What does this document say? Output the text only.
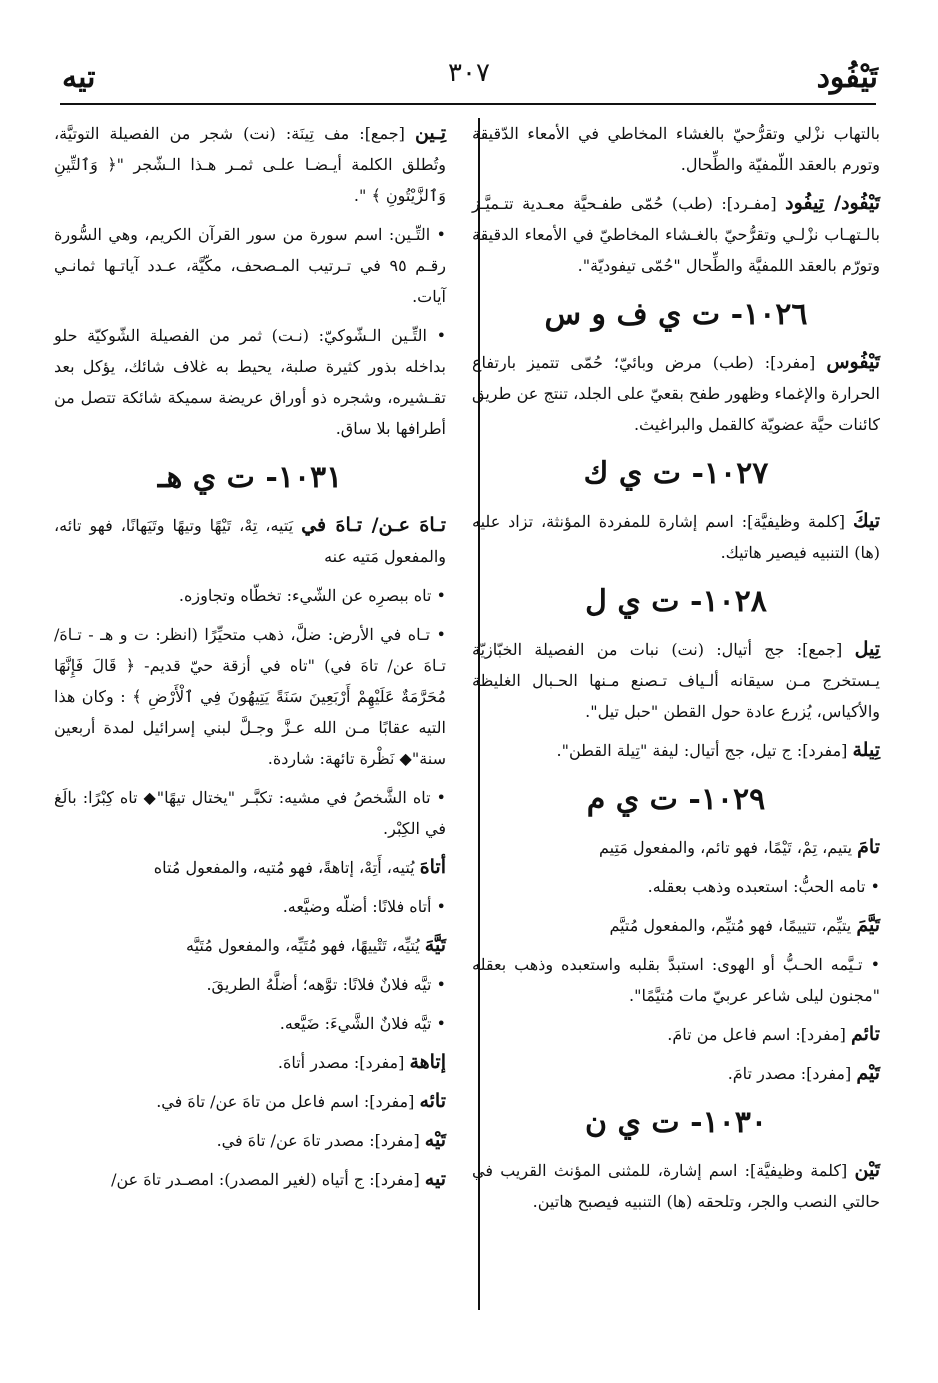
تَيْفُود
٣٠٧
تيه

بالتهاب نزْلي وتقرُّحيّ بالغشاء المخاطي في الأمعاء الدّقيقة وتورم بالعقد اللّمفيّة والطِّحال.

تَيْفُود/ تِيفُود [مفـرد]: (طب) حُمّى طفـحيَّة معـدية تتـميَّـز بالـتهـاب نزْلـي وتقرُّحيّ بالغـشاء المخاطيّ في الأمعاء الدقيقة وتورّم بالعقد اللمفيَّة والطِّحال "حُمّى تيفوديّة".

١٠٢٦- ت ي ف و س

تَيْفُوس [مفرد]: (طب) مرض وبائيّ؛ حُمّى تتميز بارتفاع الحرارة والإغماء وظهور طفح بقعيّ على الجلد، تنتج عن طريق كائنات حيَّة عضويّة كالقمل والبراغيث.

١٠٢٧- ت ي ك

تيكَ [كلمة وظيفيَّة]: اسم إشارة للمفردة المؤنثة، تزاد عليه (ها) التنبيه فيصير هاتيك.

١٠٢٨- ت ي ل

تِيل [جمع]: جج أتيال: (نت) نبات من الفصيلة الخبّازيّة يـستخرج مـن سيقانه ألـياف تـصنع مـنها الحـبال الغليظة والأكياس، يُزرع عادة حول القطن "حبل تيل".

تِيلة [مفرد]: ج تيل، جج أتيال: ليفة "تِيلة القطن".

١٠٢٩- ت ي م

تامَ يتيم، تِمْ، تَيْمًا، فهو تائم، والمفعول مَتِيم

• تامه الحبُّ: استعبده وذهب بعقله.

تَيَّمَ يتيِّم، تتييمًا، فهو مُتيِّم، والمفعول مُتيَّم

• تـيَّمه الحـبُّ أو الهوى: استبدَّ بقلبه واستعبده وذهب بعقله "مجنون ليلى شاعر عربيّ مات مُتيَّمًا".

تائم [مفرد]: اسم فاعل من تامَ.

تَيْم [مفرد]: مصدر تامَ.

١٠٣٠- ت ي ن

تَيْن [كلمة وظيفيَّة]: اسم إشارة، للمثنى المؤنث القريب في حالتي النصب والجر، وتلحقه (ها) التنبيه فيصبح هاتين.

تِـين [جمع]: مف تِينَة: (نت) شجر من الفصيلة التوتيَّة، وتُطلق الكلمة أيـضـا علـى ثمـر هـذا الـشّجر "﴿ وَٱلتِّينِ وَٱلزَّيْتُونِ ﴾ ".

• التِّـين: اسم سورة من سور القرآن الكريم، وهي السُّورة رقـم ٩٥ في تـرتيب المـصحف، مكّيَّة، عـدد آياتـها ثمانـي آيات.

• التِّـين الـشّوكيّ: (نـت) ثمر من الفصيلة الشّوكيّة حلو بداخله بذور كثيرة صلبة، يحيط به غلاف شائك، يؤكل بعد تقـشيره، وشجره ذو أوراق عريضة سميكة شائكة تتصل من أطرافها بلا ساق.

١٠٣١- ت ي هـ

تـاهَ عـن/ تـاهَ في يَتيه، تِهْ، تَيْهًا وتيهًا وتَيَهانًا، فهو تائه، والمفعول مَتيه عنه

• تاه ببصرِه عن الشّيء: تخطّاه وتجاوزه.

• تـاه في الأرض: ضلَّ، ذهب متحيِّرًا (انظر: ت و هـ - تـاهَ/ تـاهَ عن/ تاهَ في) "تاه في أزقة حيّ قديم- ﴿ قَالَ فَإِنَّهَا مُحَرَّمَةٌ عَلَيْهِمْ أَرْبَعِينَ سَنَةً يَتِيهُونَ فِي ٱلْأَرْضِ ﴾ : وكان هذا التيه عقابًا مـن الله عـزَّ وجـلَّ لبني إسرائيل لمدة أربعين سنة"◆ نَظْرة تائهة: شاردة.

• تاه الشَّخصُ في مشيه: تكبَّـر "يختال تيهًا"◆ تاه كِبْرًا: بالَغ في الكِبْر.

أتاهَ يُتيه، أَتِهْ، إتاهةً، فهو مُتيه، والمفعول مُتاه

• أتاه فلانًا: أضلّه وضيَّعه.

تَيَّهَ يُتيِّه، تَتْييهًا، فهو مُتَيِّه، والمفعول مُتَيَّه

• تيَّه فلانٌ فلانًا: توَّهه؛ أضلَّهُ الطريقَ.

• تيَّه فلانٌ الشَّيءَ: ضَيَّعه.

إتاهة [مفرد]: مصدر أتاهَ.

تائه [مفرد]: اسم فاعل من تاهَ عن/ تاهَ في.

تَيْه [مفرد]: مصدر تاهَ عن/ تاهَ في.

تيه [مفرد]: ج أتياه (لغير المصدر): امصـدر تاهَ عن/
